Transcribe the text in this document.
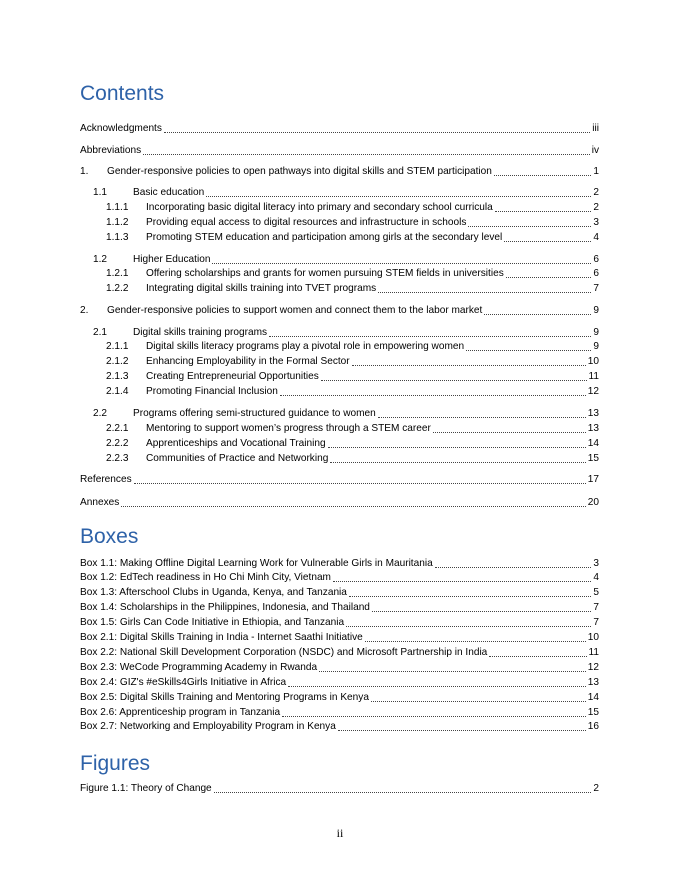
Contents
Acknowledgments	iii
Abbreviations	iv
1.	Gender-responsive policies to open pathways into digital skills and STEM participation	1
1.1	Basic education	2
1.1.1	Incorporating basic digital literacy into primary and secondary school curricula	2
1.1.2	Providing equal access to digital resources and infrastructure in schools	3
1.1.3	Promoting STEM education and participation among girls at the secondary level	4
1.2	Higher Education	6
1.2.1	Offering scholarships and grants for women pursuing STEM fields in universities	6
1.2.2	Integrating digital skills training into TVET programs	7
2.	Gender-responsive policies to support women and connect them to the labor market	9
2.1	Digital skills training programs	9
2.1.1	Digital skills literacy programs play a pivotal role in empowering women	9
2.1.2	Enhancing Employability in the Formal Sector	10
2.1.3	Creating Entrepreneurial Opportunities	11
2.1.4	Promoting Financial Inclusion	12
2.2	Programs offering semi-structured guidance to women	13
2.2.1	Mentoring to support women’s progress through a STEM career	13
2.2.2	Apprenticeships and Vocational Training	14
2.2.3	Communities of Practice and Networking	15
References	17
Annexes	20
Boxes
Box 1.1: Making Offline Digital Learning Work for Vulnerable Girls in Mauritania	3
Box 1.2: EdTech readiness in Ho Chi Minh City, Vietnam	4
Box 1.3: Afterschool Clubs in Uganda, Kenya, and Tanzania	5
Box 1.4: Scholarships in the Philippines, Indonesia, and Thailand	7
Box 1.5: Girls Can Code Initiative in Ethiopia, and Tanzania	7
Box 2.1: Digital Skills Training in India - Internet Saathi Initiative	10
Box 2.2: National Skill Development Corporation (NSDC) and Microsoft Partnership in India	11
Box 2.3: WeCode Programming Academy in Rwanda	12
Box 2.4: GIZ's #eSkills4Girls Initiative in Africa	13
Box 2.5: Digital Skills Training and Mentoring Programs in Kenya	14
Box 2.6: Apprenticeship program in Tanzania	15
Box 2.7: Networking and Employability Program in Kenya	16
Figures
Figure 1.1: Theory of Change	2
ii
